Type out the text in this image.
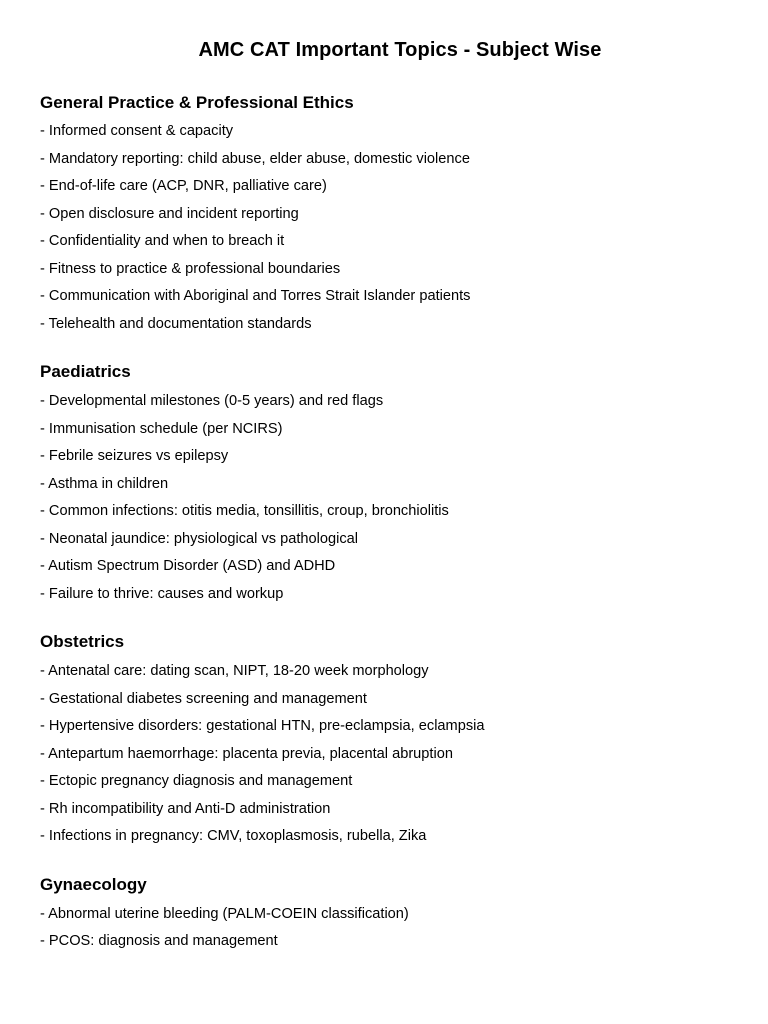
AMC CAT Important Topics - Subject Wise
General Practice & Professional Ethics

- Informed consent & capacity

- Mandatory reporting: child abuse, elder abuse, domestic violence

- End-of-life care (ACP, DNR, palliative care)

- Open disclosure and incident reporting

- Confidentiality and when to breach it

- Fitness to practice & professional boundaries

- Communication with Aboriginal and Torres Strait Islander patients

- Telehealth and documentation standards

Paediatrics

- Developmental milestones (0-5 years) and red flags

- Immunisation schedule (per NCIRS)

- Febrile seizures vs epilepsy

- Asthma in children

- Common infections: otitis media, tonsillitis, croup, bronchiolitis

- Neonatal jaundice: physiological vs pathological

- Autism Spectrum Disorder (ASD) and ADHD

- Failure to thrive: causes and workup

Obstetrics

- Antenatal care: dating scan, NIPT, 18-20 week morphology

- Gestational diabetes screening and management

- Hypertensive disorders: gestational HTN, pre-eclampsia, eclampsia

- Antepartum haemorrhage: placenta previa, placental abruption

- Ectopic pregnancy diagnosis and management

- Rh incompatibility and Anti-D administration

- Infections in pregnancy: CMV, toxoplasmosis, rubella, Zika

Gynaecology

- Abnormal uterine bleeding (PALM-COEIN classification)

- PCOS: diagnosis and management
